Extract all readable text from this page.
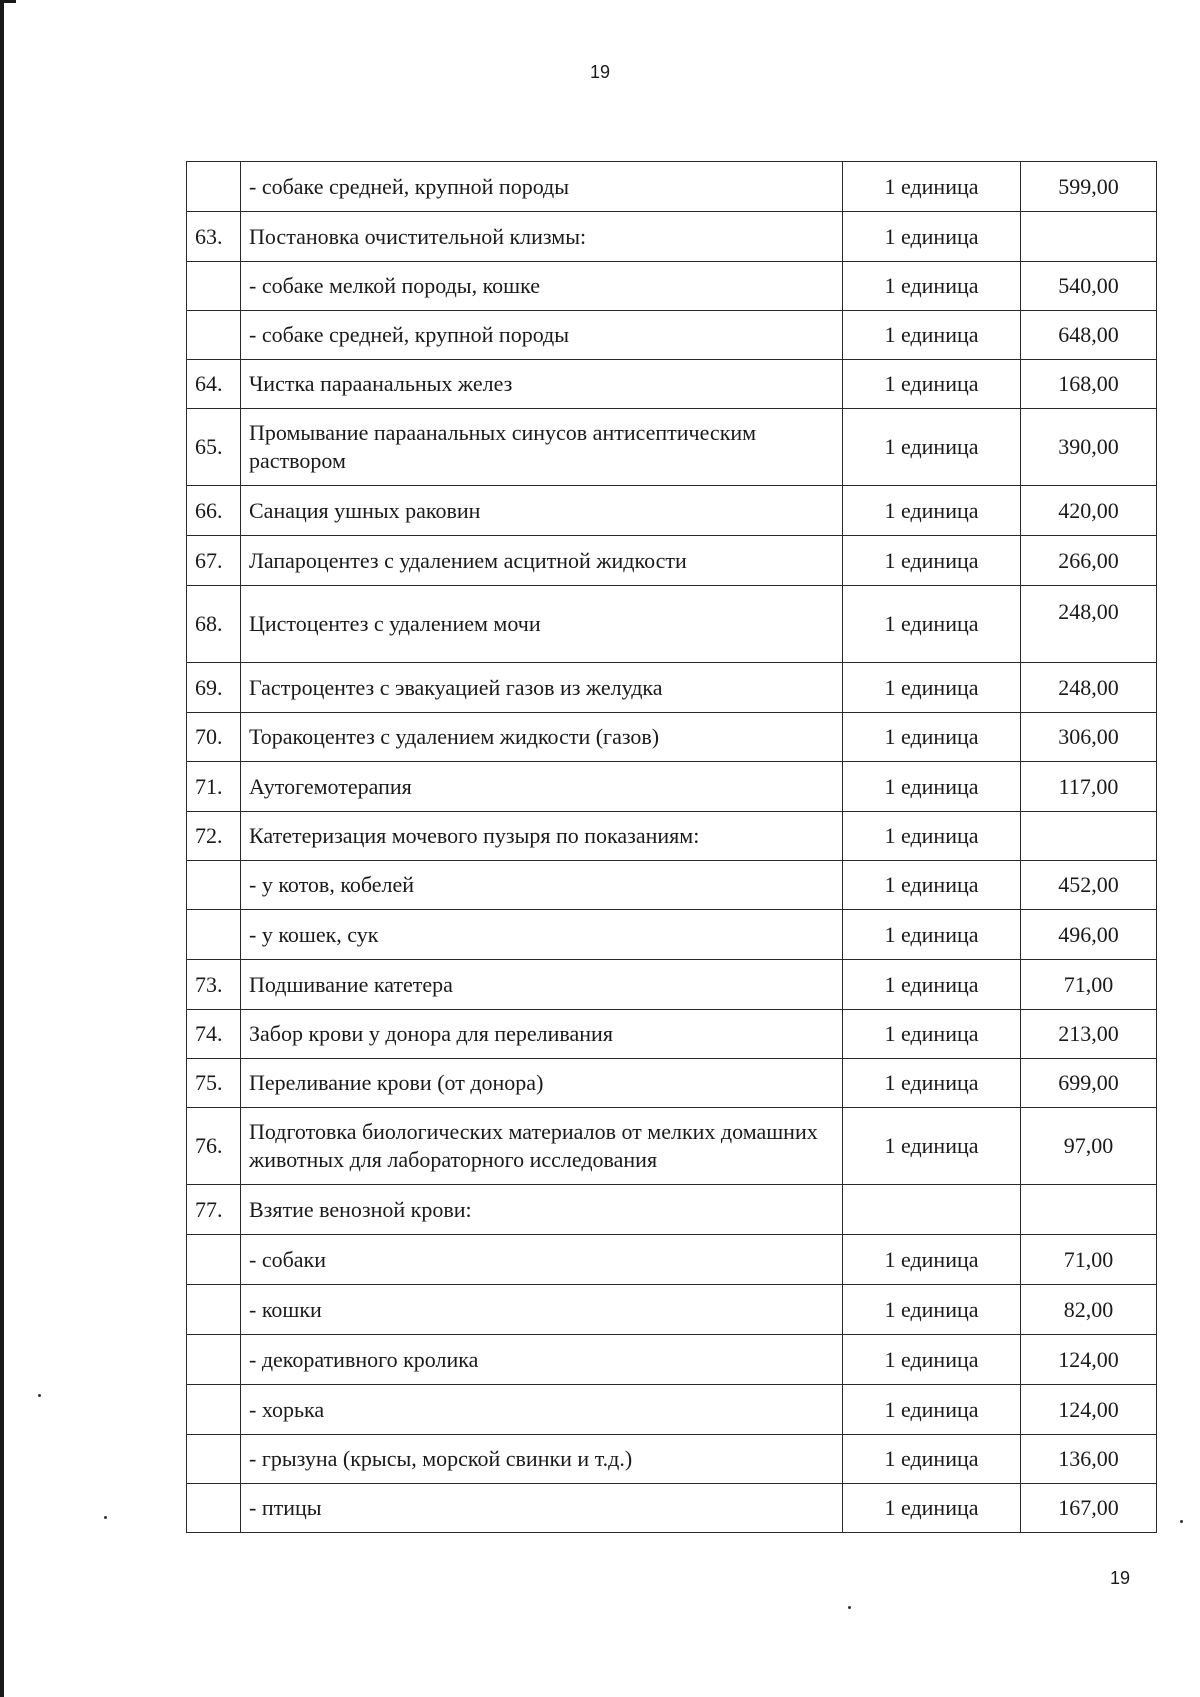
19
	- собаке средней, крупной породы	1 единица	599,00
63.	Постановка очистительной клизмы:	1 единица	
	- собаке мелкой породы, кошке	1 единица	540,00
	- собаке средней, крупной породы	1 единица	648,00
64.	Чистка параанальных желез	1 единица	168,00
65.	Промывание параанальных синусов антисептическим раствором	1 единица	390,00
66.	Санация ушных раковин	1 единица	420,00
67.	Лапароцентез с удалением асцитной жидкости	1 единица	266,00
68.	Цистоцентез с удалением мочи	1 единица	248,00
69.	Гастроцентез с эвакуацией газов из желудка	1 единица	248,00
70.	Торакоцентез с удалением жидкости (газов)	1 единица	306,00
71.	Аутогемотерапия	1 единица	117,00
72.	Катетеризация мочевого пузыря по показаниям:	1 единица	
	- у котов, кобелей	1 единица	452,00
	- у кошек, сук	1 единица	496,00
73.	Подшивание катетера	1 единица	71,00
74.	Забор крови у донора для переливания	1 единица	213,00
75.	Переливание крови (от донора)	1 единица	699,00
76.	Подготовка биологических материалов от мелких домашних животных для лабораторного исследования	1 единица	97,00
77.	Взятие венозной крови:		
	- собаки	1 единица	71,00
	- кошки	1 единица	82,00
	- декоративного кролика	1 единица	124,00
	- хорька	1 единица	124,00
	- грызуна (крысы, морской свинки и т.д.)	1 единица	136,00
	- птицы	1 единица	167,00
19
